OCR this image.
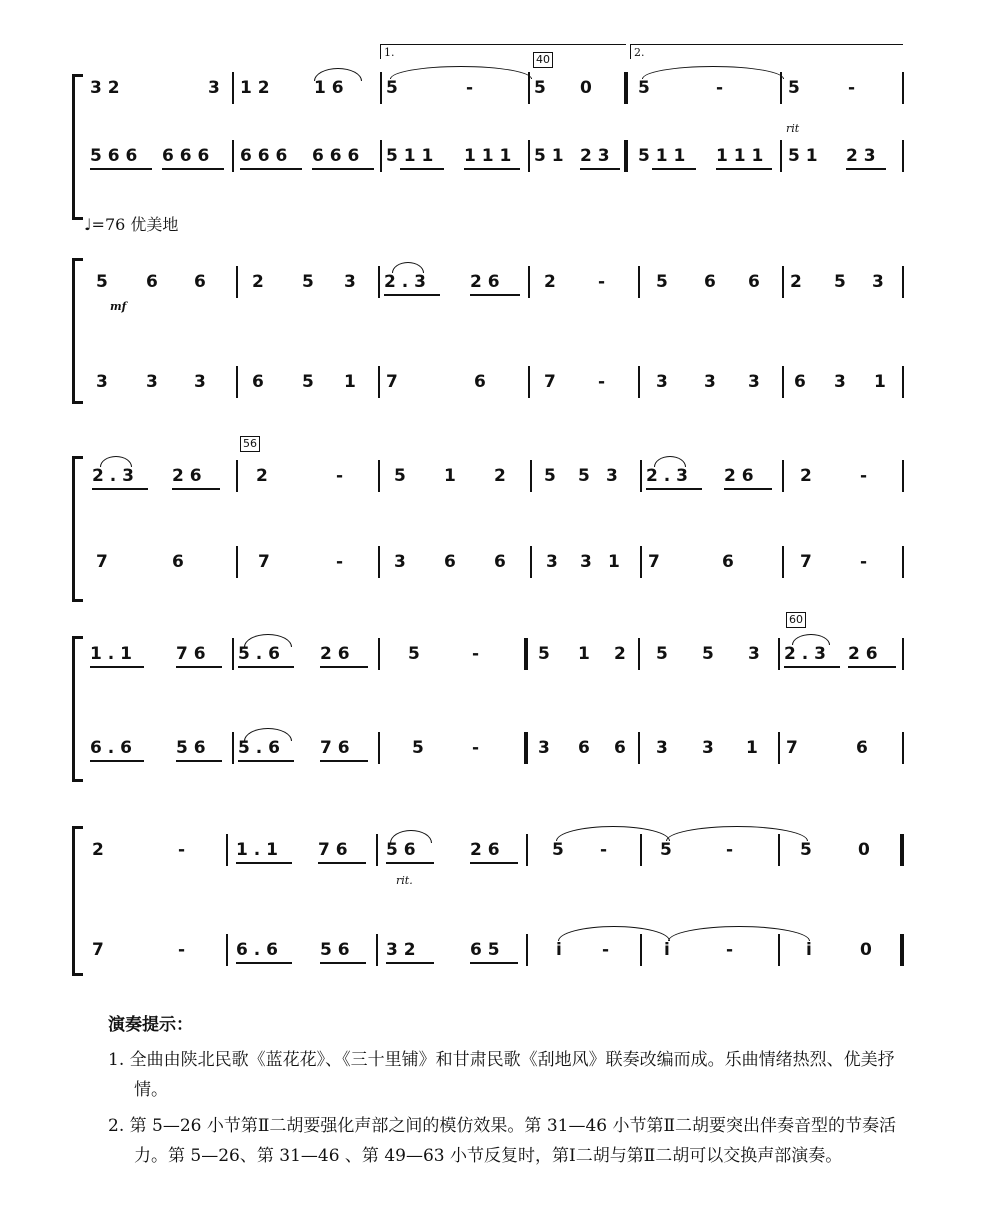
1.	2.
40
3 2	3 1 2	1 6 5	-	5 0	5	-	5	-
5 6 6 6 6 6 6 6 6 6 6 6 5 1 1 1 1 1 5 1 2 3 5 1 1 1 1 1
rit
5 1 2 3
♩=76 优美地
mf
5 6 6	2 5 3 2 . 3	2 6	2 -	5 6 6 2 5 3
3 3 3	6 5 1 7	6	7 -	3 3 3 6 3 1
56
2 . 3 2 6	2	-	5 1 2 5 5 3 2 . 3 2 6	2	-
7	6	7	-	3 6 6 3 3 1 7	6	7	-
60
1 . 1	7 6 5 . 6 2 6	5	-	5 1 2 5 5 3 2 . 3 2 6
6 . 6	5 6 5 . 6 7 6	5	-	3 6 6 3 3 1 7	6
2	-	1 . 1 7 6 5 6
rit.
2 6	5 -	5	-	5	0
7	-	6 . 6 5 6 3 2	6 5	i -	i	-	i	0
演奏提示：
1. 全曲由陕北民歌《蓝花花》、《三十里铺》和甘肃民歌《刮地风》联奏改编而成。乐曲情绪热烈、优美抒情。
2. 第 5—26 小节第Ⅱ二胡要强化声部之间的模仿效果。第 31—46 小节第Ⅱ二胡要突出伴奏音型的节奏活力。第 5—26、第 31—46 、第 49—63 小节反复时，第Ⅰ二胡与第Ⅱ二胡可以交换声部演奏。
